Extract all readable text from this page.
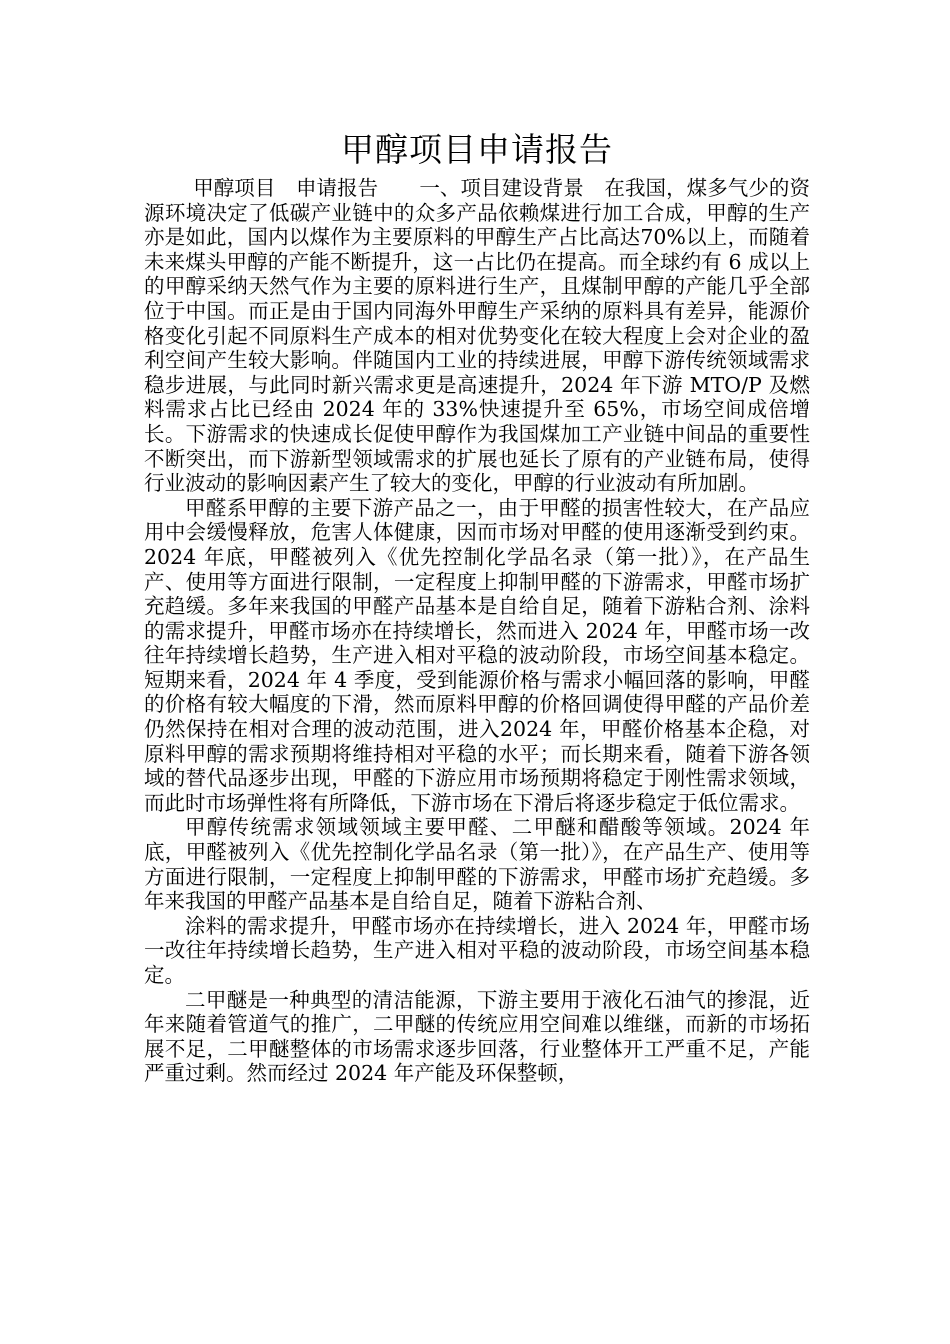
甲醇项目申请报告

甲醇项目　申请报告　　一、项目建设背景　在我国，煤多气少的资源环境决定了低碳产业链中的众多产品依赖煤进行加工合成，甲醇的生产亦是如此，国内以煤作为主要原料的甲醇生产占比高达70%以上，而随着未来煤头甲醇的产能不断提升，这一占比仍在提高。而全球约有 6 成以上的甲醇采纳天然气作为主要的原料进行生产，且煤制甲醇的产能几乎全部位于中国。而正是由于国内同海外甲醇生产采纳的原料具有差异，能源价格变化引起不同原料生产成本的相对优势变化在较大程度上会对企业的盈利空间产生较大影响。伴随国内工业的持续进展，甲醇下游传统领域需求稳步进展，与此同时新兴需求更是高速提升，2024 年下游 MTO/P 及燃料需求占比已经由 2024 年的 33%快速提升至 65%，市场空间成倍增长。下游需求的快速成长促使甲醇作为我国煤加工产业链中间品的重要性不断突出，而下游新型领域需求的扩展也延长了原有的产业链布局，使得行业波动的影响因素产生了较大的变化，甲醇的行业波动有所加剧。

甲醛系甲醇的主要下游产品之一，由于甲醛的损害性较大，在产品应用中会缓慢释放，危害人体健康，因而市场对甲醛的使用逐渐受到约束。2024 年底，甲醛被列入《优先控制化学品名录（第一批）》，在产品生产、使用等方面进行限制，一定程度上抑制甲醛的下游需求，甲醛市场扩充趋缓。多年来我国的甲醛产品基本是自给自足，随着下游粘合剂、涂料的需求提升，甲醛市场亦在持续增长，然而进入 2024 年，甲醛市场一改往年持续增长趋势，生产进入相对平稳的波动阶段，市场空间基本稳定。短期来看，2024 年 4 季度，受到能源价格与需求小幅回落的影响，甲醛的价格有较大幅度的下滑，然而原料甲醇的价格回调使得甲醛的产品价差仍然保持在相对合理的波动范围，进入2024 年，甲醛价格基本企稳，对原料甲醇的需求预期将维持相对平稳的水平；而长期来看，随着下游各领域的替代品逐步出现，甲醛的下游应用市场预期将稳定于刚性需求领域，而此时市场弹性将有所降低，下游市场在下滑后将逐步稳定于低位需求。

甲醇传统需求领域领域主要甲醛、二甲醚和醋酸等领域。2024 年底，甲醛被列入《优先控制化学品名录（第一批）》，在产品生产、使用等方面进行限制，一定程度上抑制甲醛的下游需求，甲醛市场扩充趋缓。多年来我国的甲醛产品基本是自给自足，随着下游粘合剂、

涂料的需求提升，甲醛市场亦在持续增长，进入 2024 年，甲醛市场一改往年持续增长趋势，生产进入相对平稳的波动阶段，市场空间基本稳定。

二甲醚是一种典型的清洁能源，下游主要用于液化石油气的掺混，近年来随着管道气的推广，二甲醚的传统应用空间难以维继，而新的市场拓展不足，二甲醚整体的市场需求逐步回落，行业整体开工严重不足，产能严重过剩。然而经过 2024 年产能及环保整顿，
